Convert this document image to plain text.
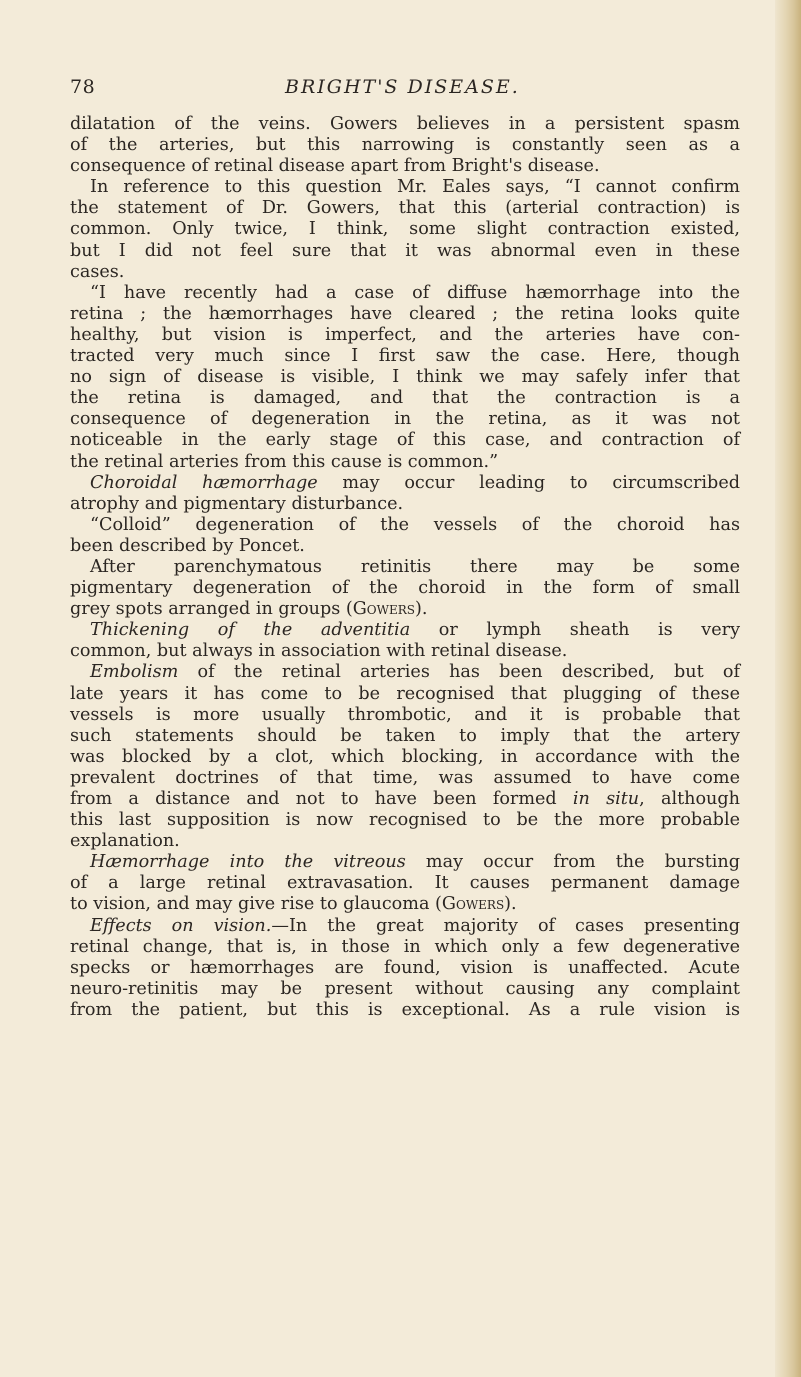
78	BRIGHT'S DISEASE.
dilatation of the veins. Gowers believes in a persistent spasm
of the arteries, but this narrowing is constantly seen as a
consequence of retinal disease apart from Bright's disease.
In reference to this question Mr. Eales says, “I cannot confirm
the statement of Dr. Gowers, that this (arterial contraction) is
common. Only twice, I think, some slight contraction existed,
but I did not feel sure that it was abnormal even in these
cases.
“I have recently had a case of diffuse hæmorrhage into the
retina ; the hæmorrhages have cleared ; the retina looks quite
healthy, but vision is imperfect, and the arteries have con-
tracted very much since I first saw the case. Here, though
no sign of disease is visible, I think we may safely infer that
the retina is damaged, and that the contraction is a
consequence of degeneration in the retina, as it was not
noticeable in the early stage of this case, and contraction of
the retinal arteries from this cause is common.”
Choroidal hæmorrhage may occur leading to circumscribed
atrophy and pigmentary disturbance.
“Colloid” degeneration of the vessels of the choroid has
been described by Poncet.
After parenchymatous retinitis there may be some
pigmentary degeneration of the choroid in the form of small
grey spots arranged in groups (Gowers).
Thickening of the adventitia or lymph sheath is very
common, but always in association with retinal disease.
Embolism of the retinal arteries has been described, but of
late years it has come to be recognised that plugging of these
vessels is more usually thrombotic, and it is probable that
such statements should be taken to imply that the artery
was blocked by a clot, which blocking, in accordance with the
prevalent doctrines of that time, was assumed to have come
from a distance and not to have been formed in situ, although
this last supposition is now recognised to be the more probable
explanation.
Hæmorrhage into the vitreous may occur from the bursting
of a large retinal extravasation. It causes permanent damage
to vision, and may give rise to glaucoma (Gowers).
Effects on vision.—In the great majority of cases presenting
retinal change, that is, in those in which only a few degenerative
specks or hæmorrhages are found, vision is unaffected. Acute
neuro-retinitis may be present without causing any complaint
from the patient, but this is exceptional. As a rule vision is
